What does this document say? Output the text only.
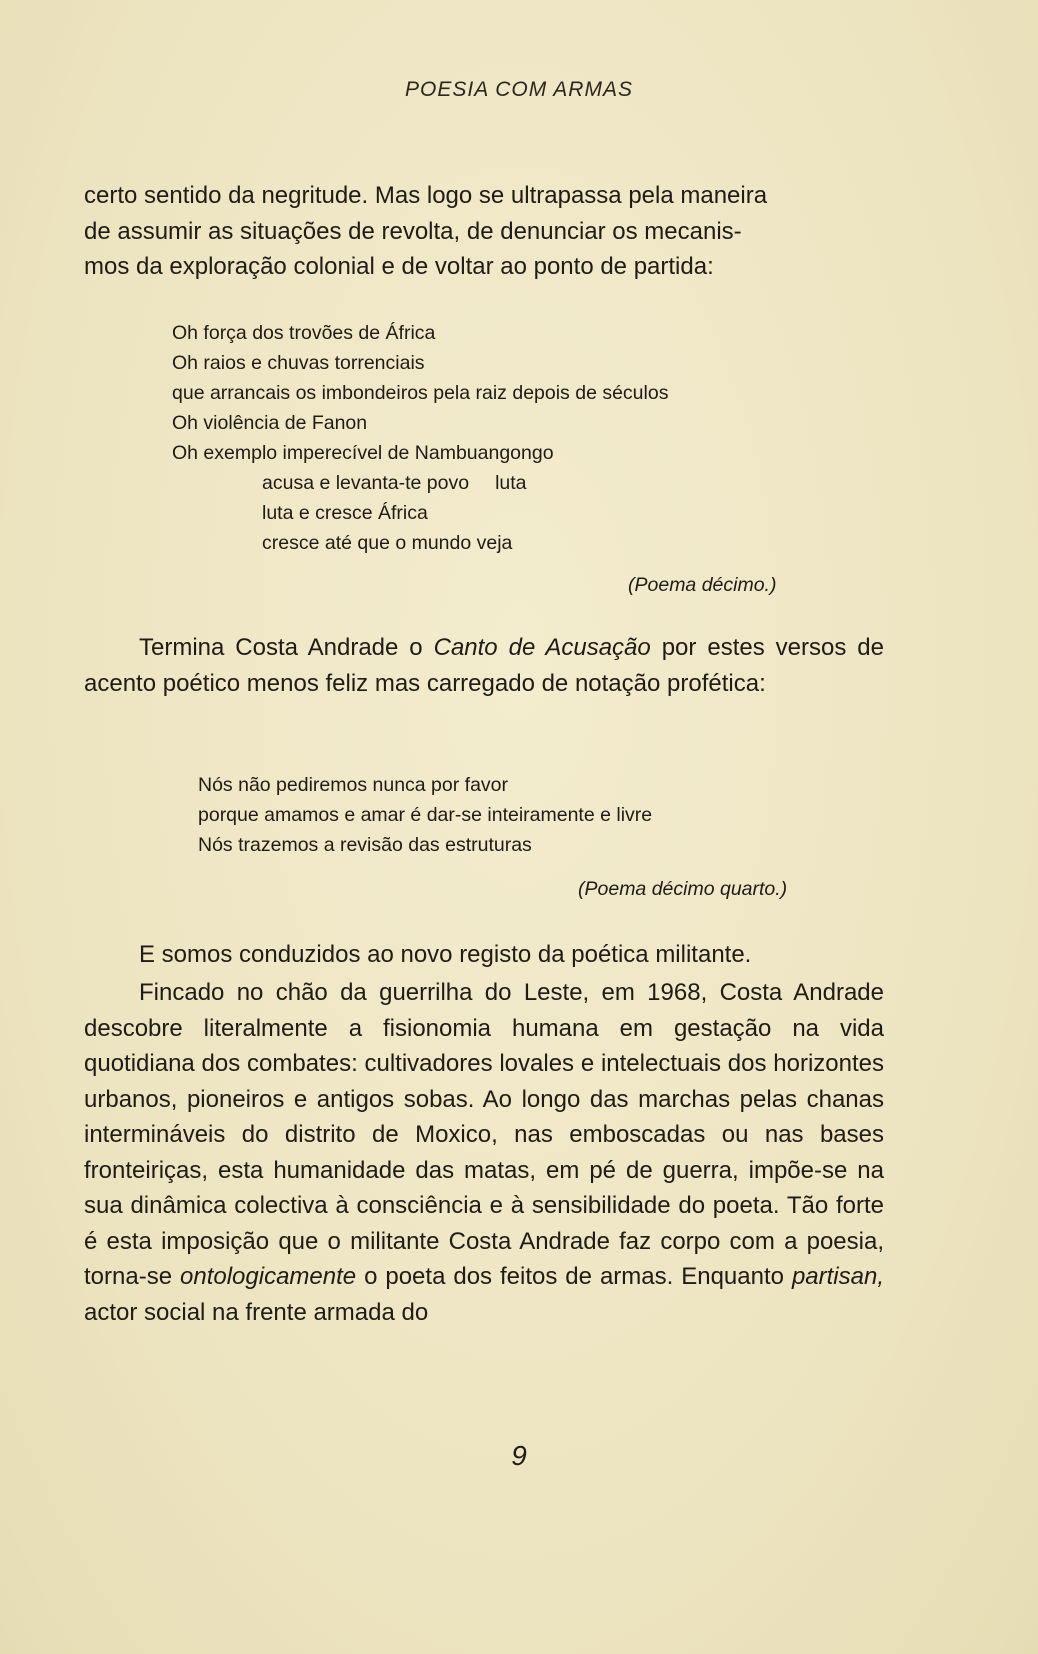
POESIA COM ARMAS

certo sentido da negritude. Mas logo se ultrapassa pela maneira

de assumir as situações de revolta, de denunciar os mecanis-

mos da exploração colonial e de voltar ao ponto de partida:

Oh força dos trovões de África
Oh raios e chuvas torrenciais
que arrancais os imbondeiros pela raiz depois de séculos
Oh violência de Fanon
Oh exemplo imperecível de Nambuangongo
acusa e levanta-te povo luta
luta e cresce África
cresce até que o mundo veja
(Poema décimo.)

Termina Costa Andrade o Canto de Acusação por estes versos de acento poético menos feliz mas carregado de notação profética:

Nós não pediremos nunca por favor
porque amamos e amar é dar-se inteiramente e livre
Nós trazemos a revisão das estruturas
(Poema décimo quarto.)

E somos conduzidos ao novo registo da poética militante.

Fincado no chão da guerrilha do Leste, em 1968, Costa Andrade descobre literalmente a fisionomia humana em gestação na vida quotidiana dos combates: cultivadores lovales e intelectuais dos horizontes urbanos, pioneiros e antigos sobas. Ao longo das marchas pelas chanas intermináveis do distrito de Moxico, nas emboscadas ou nas bases fronteiriças, esta humanidade das matas, em pé de guerra, impõe-se na sua dinâmica colectiva à consciência e à sensibilidade do poeta. Tão forte é esta imposição que o militante Costa Andrade faz corpo com a poesia, torna-se ontologicamente o poeta dos feitos de armas. Enquanto partisan, actor social na frente armada do

9
